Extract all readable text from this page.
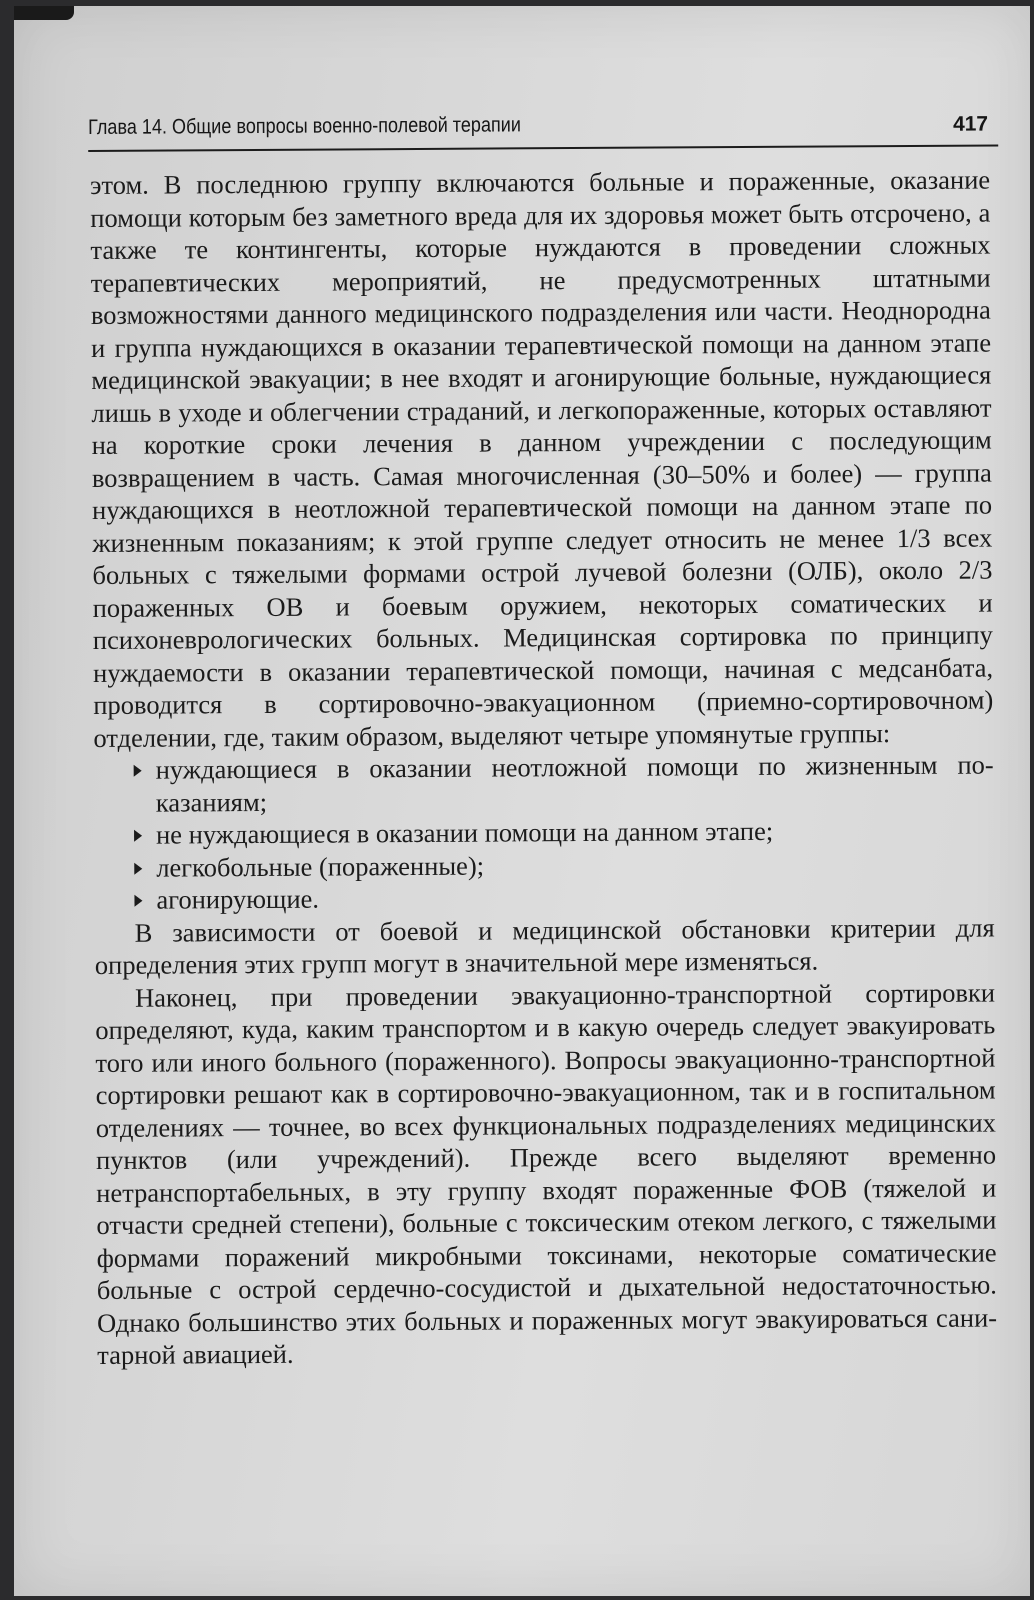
Глава 14. Общие вопросы военно-полевой терапии	417

этом. В последнюю группу включаются больные и пораженные, оказание помощи которым без заметного вреда для их здоровья может быть отсрочено, а также те контингенты, которые нуждаются в проведении сложных терапевтических мероприятий, не предусмотренных штатными возможностями данного медицинского подразделения или части. Неоднородна и группа нуждающихся в оказании терапевтической помощи на данном этапе медицинской эвакуации; в нее входят и агонирующие больные, нуждающиеся лишь в уходе и облегчении страданий, и легкопораженные, которых оставляют на короткие сроки лечения в данном учреждении с последующим возвращением в часть. Самая многочисленная (30–50% и более) — группа нуждающихся в неотложной терапевтической помощи на данном этапе по жизненным показаниям; к этой группе следует относить не менее 1/3 всех больных с тяжелыми формами острой лучевой болезни (ОЛБ), около 2/3 пораженных ОВ и боевым оружием, некоторых соматических и психоневрологических больных. Медицинская сортировка по принципу нуждаемости в оказании терапевтической помощи, начиная с медсанбата, проводится в сортировочно-эвакуационном (приемно-сортировочном) отделении, где, таким образом, выделяют четыре упомянутые группы:

нуждающиеся в оказании неотложной помощи по жизненным показаниям;
не нуждающиеся в оказании помощи на данном этапе;
легкобольные (пораженные);
агонирующие.

В зависимости от боевой и медицинской обстановки критерии для определения этих групп могут в значительной мере изменяться.

Наконец, при проведении эвакуационно-транспортной сортировки определяют, куда, каким транспортом и в какую очередь следует эвакуировать того или иного больного (пораженного). Вопросы эвакуационно-транспортной сортировки решают как в сортировочно-эвакуационном, так и в госпитальном отделениях — точнее, во всех функциональных подразделениях медицинских пунктов (или учреждений). Прежде всего выделяют временно нетранспортабельных, в эту группу входят пораженные ФОВ (тяжелой и отчасти средней степени), больные с токсическим отеком легкого, с тяжелыми формами поражений микробными токсинами, некоторые соматические больные с острой сердечно-сосудистой и дыхательной недостаточностью. Однако большинство этих больных и пораженных могут эвакуироваться санитарной авиацией.
